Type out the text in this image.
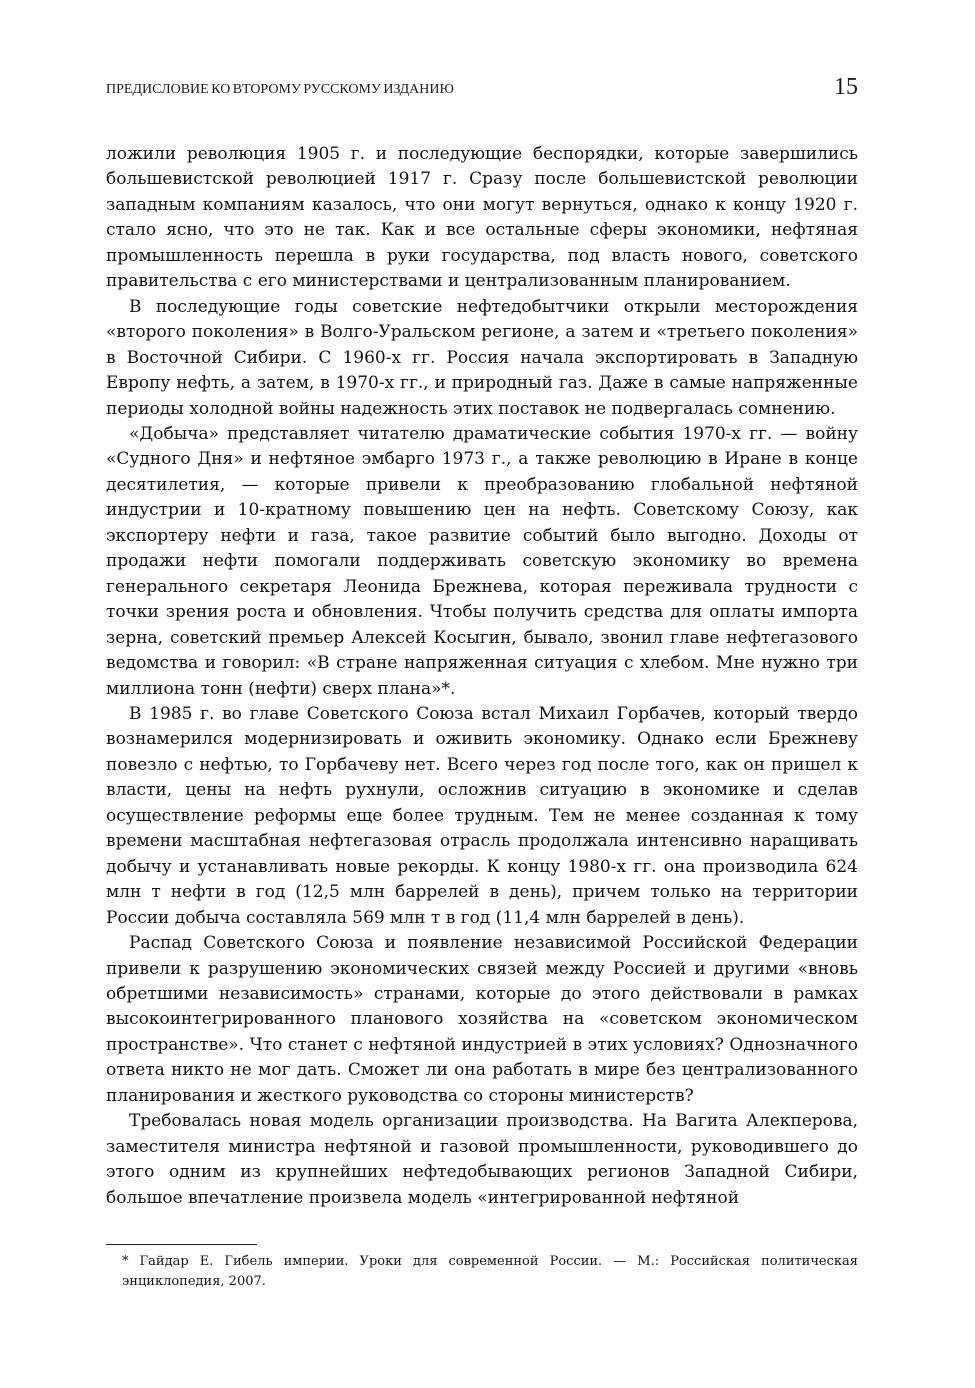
ПРЕДИСЛОВИЕ КО ВТОРОМУ РУССКОМУ ИЗДАНИЮ	15

ложили революция 1905 г. и последующие беспорядки, которые завершились большевистской революцией 1917 г. Сразу после большевистской революции западным компаниям казалось, что они могут вернуться, однако к концу 1920 г. стало ясно, что это не так. Как и все остальные сферы экономики, нефтяная промышленность перешла в руки государства, под власть нового, советского правительства с его министерствами и централизованным планированием.

В последующие годы советские нефтедобытчики открыли месторождения «второго поколения» в Волго-Уральском регионе, а затем и «третьего поколения» в Восточной Сибири. С 1960-х гг. Россия начала экспортировать в Западную Европу нефть, а затем, в 1970-х гг., и природный газ. Даже в самые напряженные периоды холодной войны надежность этих поставок не подвергалась сомнению.

«Добыча» представляет читателю драматические события 1970-х гг. — войну «Судного Дня» и нефтяное эмбарго 1973 г., а также революцию в Иране в конце десятилетия, — которые привели к преобразованию глобальной нефтяной индустрии и 10-кратному повышению цен на нефть. Советскому Союзу, как экспортеру нефти и газа, такое развитие событий было выгодно. Доходы от продажи нефти помогали поддерживать советскую экономику во времена генерального секретаря Леонида Брежнева, которая переживала трудности с точки зрения роста и обновления. Чтобы получить средства для оплаты импорта зерна, советский премьер Алексей Косыгин, бывало, звонил главе нефтегазового ведомства и говорил: «В стране напряженная ситуация с хлебом. Мне нужно три миллиона тонн (нефти) сверх плана»*.

В 1985 г. во главе Советского Союза встал Михаил Горбачев, который твердо вознамерился модернизировать и оживить экономику. Однако если Брежневу повезло с нефтью, то Горбачеву нет. Всего через год после того, как он пришел к власти, цены на нефть рухнули, осложнив ситуацию в экономике и сделав осуществление реформы еще более трудным. Тем не менее созданная к тому времени масштабная нефтегазовая отрасль продолжала интенсивно наращивать добычу и устанавливать новые рекорды. К концу 1980-х гг. она производила 624 млн т нефти в год (12,5 млн баррелей в день), причем только на территории России добыча составляла 569 млн т в год (11,4 млн баррелей в день).

Распад Советского Союза и появление независимой Российской Федерации привели к разрушению экономических связей между Россией и другими «вновь обретшими независимость» странами, которые до этого действовали в рамках высокоинтегрированного планового хозяйства на «советском экономическом пространстве». Что станет с нефтяной индустрией в этих условиях? Однозначного ответа никто не мог дать. Сможет ли она работать в мире без централизованного планирования и жесткого руководства со стороны министерств?

Требовалась новая модель организации производства. На Вагита Алекперова, заместителя министра нефтяной и газовой промышленности, руководившего до этого одним из крупнейших нефтедобывающих регионов Западной Сибири, большое впечатление произвела модель «интегрированной нефтяной

* Гайдар Е. Гибель империи. Уроки для современной России. — М.: Российская политическая энциклопедия, 2007.
